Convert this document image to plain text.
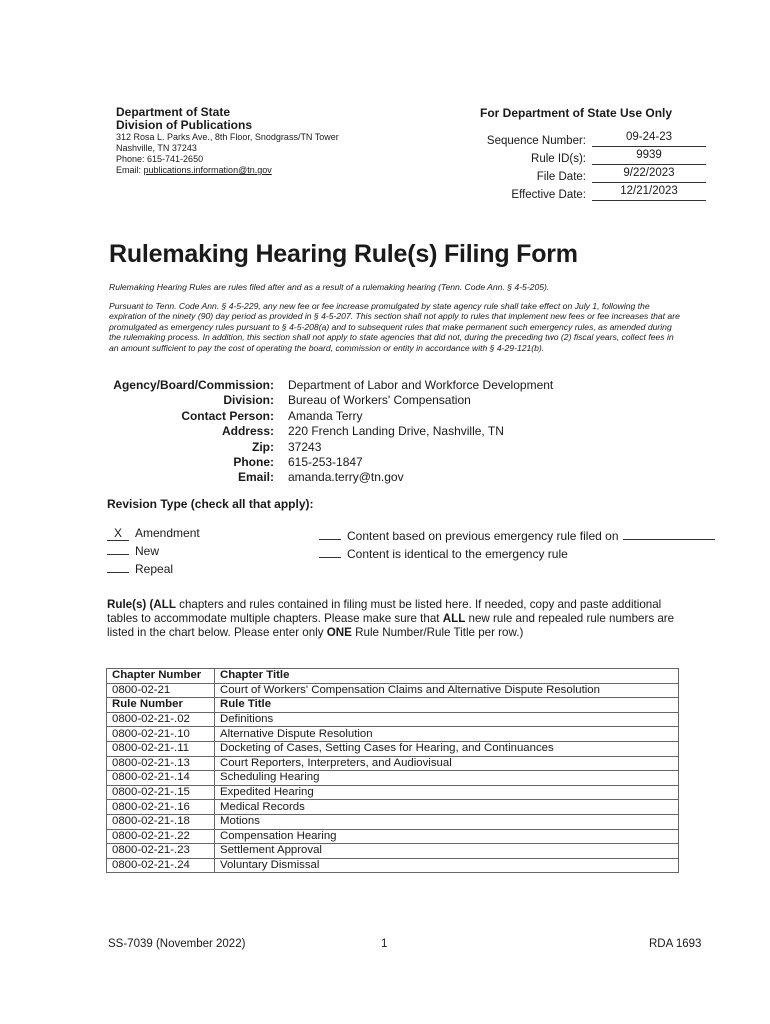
Department of State
Division of Publications
312 Rosa L. Parks Ave., 8th Floor, Snodgrass/TN Tower
Nashville, TN 37243
Phone: 615-741-2650
Email: publications.information@tn.gov
For Department of State Use Only
Sequence Number:	09-24-23
Rule ID(s):	9939
File Date:	9/22/2023
Effective Date:	12/21/2023
Rulemaking Hearing Rule(s) Filing Form

Rulemaking Hearing Rules are rules filed after and as a result of a rulemaking hearing (Tenn. Code Ann. § 4-5-205).

Pursuant to Tenn. Code Ann. § 4-5-229, any new fee or fee increase promulgated by state agency rule shall take effect on July 1, following the expiration of the ninety (90) day period as provided in § 4-5-207. This section shall not apply to rules that implement new fees or fee increases that are promulgated as emergency rules pursuant to § 4-5-208(a) and to subsequent rules that make permanent such emergency rules, as amended during the rulemaking process. In addition, this section shall not apply to state agencies that did not, during the preceding two (2) fiscal years, collect fees in an amount sufficient to pay the cost of operating the board, commission or entity in accordance with § 4-29-121(b).

Agency/Board/Commission:	Department of Labor and Workforce Development
Division:	Bureau of Workers' Compensation
Contact Person:	Amanda Terry
Address:	220 French Landing Drive, Nashville, TN
Zip:	37243
Phone:	615-253-1847
Email:	amanda.terry@tn.gov
Revision Type (check all that apply):
X Amendment
New
Repeal
Content based on previous emergency rule filed on
Content is identical to the emergency rule
Rule(s) (ALL chapters and rules contained in filing must be listed here. If needed, copy and paste additional tables to accommodate multiple chapters. Please make sure that ALL new rule and repealed rule numbers are listed in the chart below. Please enter only ONE Rule Number/Rule Title per row.)
Chapter Number	Chapter Title
0800-02-21	Court of Workers' Compensation Claims and Alternative Dispute Resolution
Rule Number	Rule Title
0800-02-21-.02	Definitions
0800-02-21-.10	Alternative Dispute Resolution
0800-02-21-.11	Docketing of Cases, Setting Cases for Hearing, and Continuances
0800-02-21-.13	Court Reporters, Interpreters, and Audiovisual
0800-02-21-.14	Scheduling Hearing
0800-02-21-.15	Expedited Hearing
0800-02-21-.16	Medical Records
0800-02-21-.18	Motions
0800-02-21-.22	Compensation Hearing
0800-02-21-.23	Settlement Approval
0800-02-21-.24	Voluntary Dismissal
SS-7039 (November 2022)	1	RDA 1693
